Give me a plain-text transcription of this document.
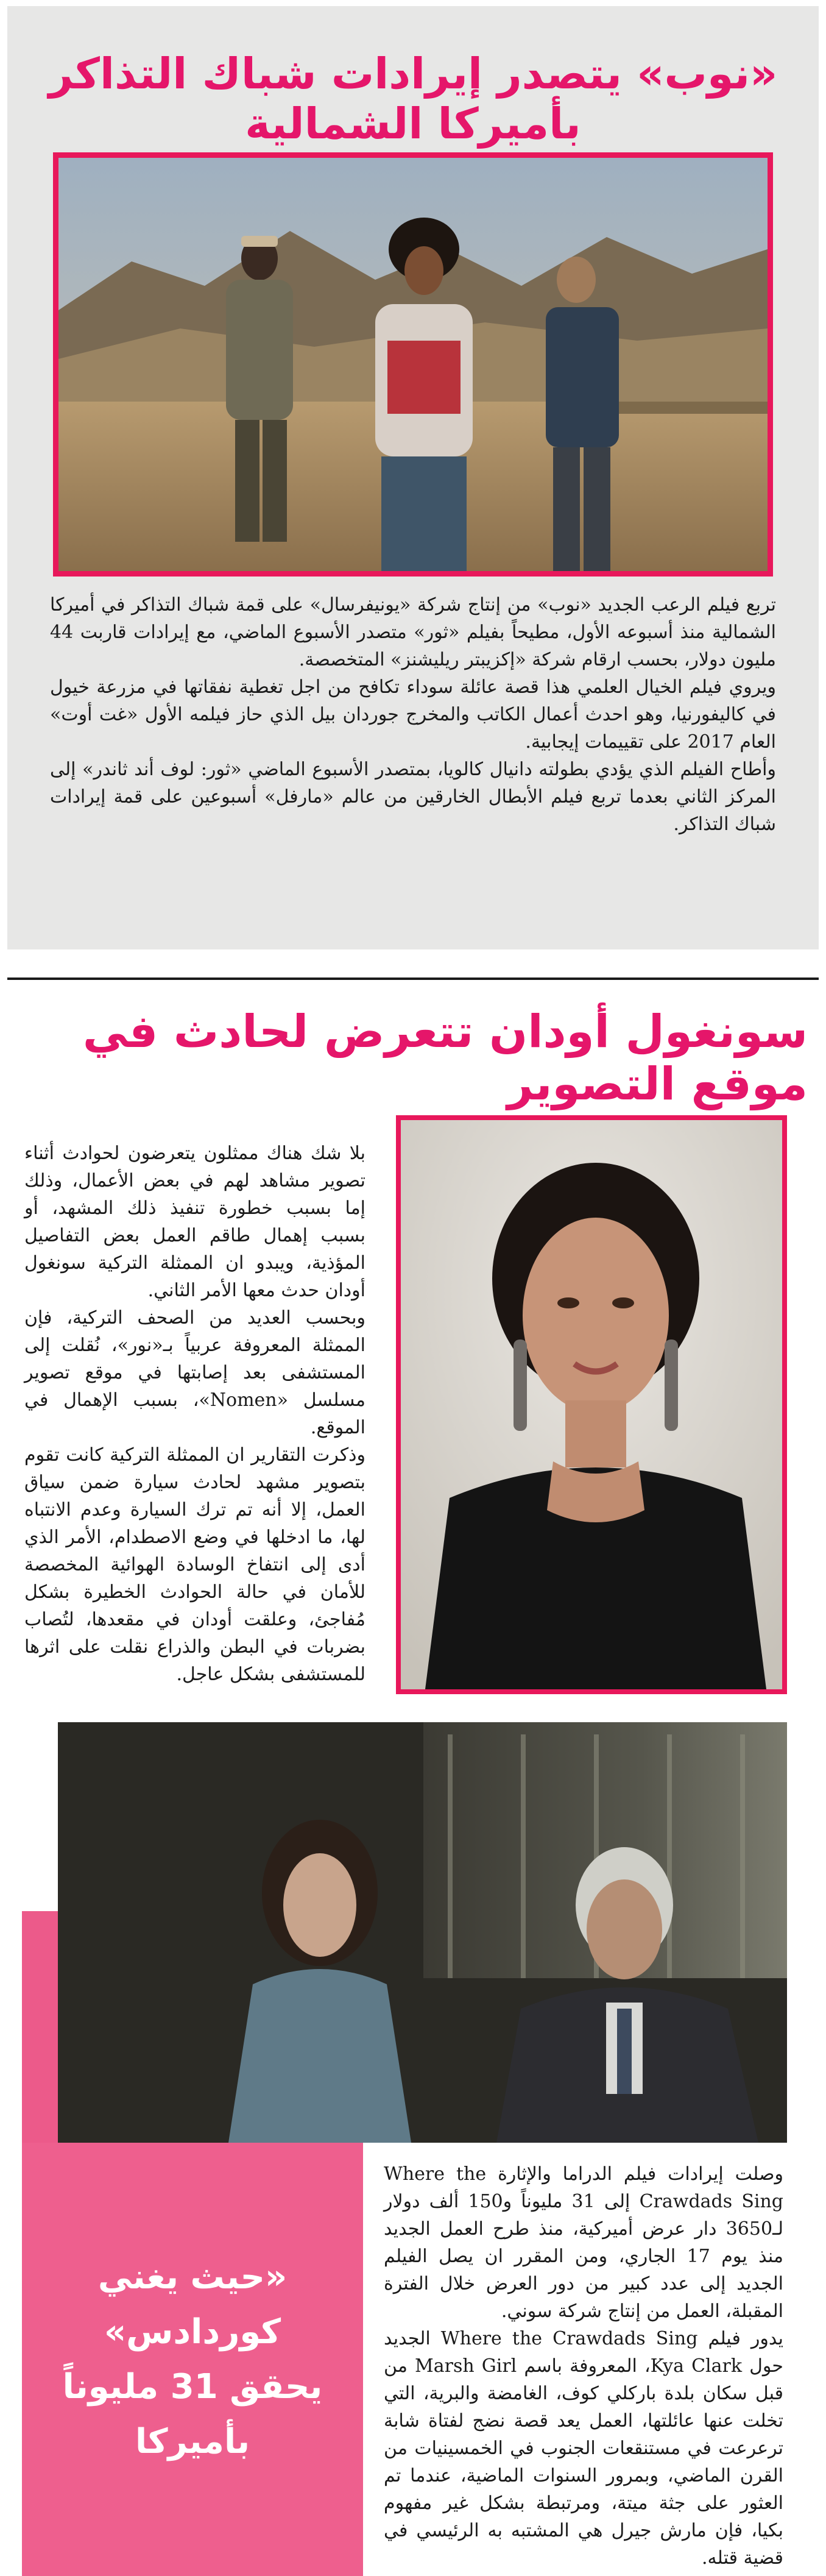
«نوب» يتصدر إيرادات شباك التذاكر بأميركا الشمالية

تربع فيلم الرعب الجديد «نوب» من إنتاج شركة «يونيفرسال» على قمة شباك التذاكر في أميركا الشمالية منذ أسبوعه الأول، مطيحاً بفيلم «ثور» متصدر الأسبوع الماضي، مع إيرادات قاربت 44 مليون دولار، بحسب ارقام شركة «إكزيبتر ريليشنز» المتخصصة.

ويروي فيلم الخيال العلمي هذا قصة عائلة سوداء تكافح من اجل تغطية نفقاتها في مزرعة خيول في كاليفورنيا، وهو احدث أعمال الكاتب والمخرج جوردان بيل الذي حاز فيلمه الأول «غت أوت» العام 2017 على تقييمات إيجابية.

وأطاح الفيلم الذي يؤدي بطولته دانيال كالويا، بمتصدر الأسبوع الماضي «ثور: لوف أند ثاندر» إلى المركز الثاني بعدما تربع فيلم الأبطال الخارقين من عالم «مارفل» أسبوعين على قمة إيرادات شباك التذاكر.

سونغول أودان تتعرض لحادث في موقع التصوير

بلا شك هناك ممثلون يتعرضون لحوادث أثناء تصوير مشاهد لهم في بعض الأعمال، وذلك إما بسبب خطورة تنفيذ ذلك المشهد، أو بسبب إهمال طاقم العمل بعض التفاصيل المؤذية، ويبدو ان الممثلة التركية سونغول أودان حدث معها الأمر الثاني.

وبحسب العديد من الصحف التركية، فإن الممثلة المعروفة عربياً بـ«نور»، نُقلت إلى المستشفى بعد إصابتها في موقع تصوير مسلسل «Nomen»، بسبب الإهمال في الموقع.

وذكرت التقارير ان الممثلة التركية كانت تقوم بتصوير مشهد لحادث سيارة ضمن سياق العمل، إلا أنه تم ترك السيارة وعدم الانتباه لها، ما ادخلها في وضع الاصطدام، الأمر الذي أدى إلى انتفاخ الوسادة الهوائية المخصصة للأمان في حالة الحوادث الخطيرة بشكل مُفاجئ، وعلقت أودان في مقعدها، لتُصاب بضربات في البطن والذراع نقلت على اثرها للمستشفى بشكل عاجل.

«حيث يغني كوردادس»
يحقق 31 مليوناً
بأميركا

وصلت إيرادات فيلم الدراما والإثارة Where the Crawdads Sing إلى 31 مليوناً و150 ألف دولار لـ3650 دار عرض أميركية، منذ طرح العمل الجديد منذ يوم 17 الجاري، ومن المقرر ان يصل الفيلم الجديد إلى عدد كبير من دور العرض خلال الفترة المقبلة، العمل من إنتاج شركة سوني.

يدور فيلم Where the Crawdads Sing الجديد حول Kya Clark، المعروفة باسم Marsh Girl من قبل سكان بلدة باركلي كوف، الغامضة والبرية، التي تخلت عنها عائلتها، العمل يعد قصة نضج لفتاة شابة ترعرعت في مستنقعات الجنوب في الخمسينيات من القرن الماضي، وبمرور السنوات الماضية، عندما تم العثور على جثة ميتة، ومرتبطة بشكل غير مفهوم بكيا، فإن مارش جيرل هي المشتبه به الرئيسي في قضية قتله.
